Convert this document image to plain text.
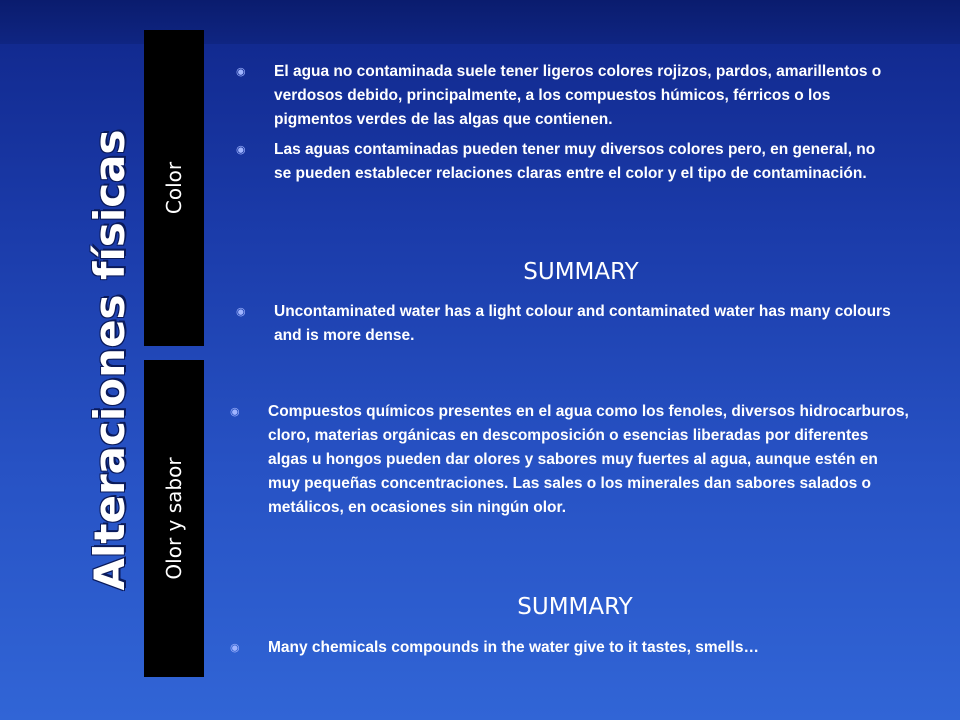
Alteraciones físicas	Color
Olor y sabor
◉ El agua no contaminada suele tener ligeros colores rojizos, pardos, amarillentos o verdosos debido, principalmente, a los compuestos húmicos, férricos o los pigmentos verdes de las algas que contienen.
◉ Las aguas contaminadas pueden tener muy diversos colores pero, en general, no se pueden establecer relaciones claras entre el color y el tipo de contaminación.
SUMMARY
◉ Uncontaminated water has a light colour and contaminated water has many colours and is more dense.
◉ Compuestos químicos presentes en el agua como los fenoles, diversos hidrocarburos, cloro, materias orgánicas en descomposición o esencias liberadas por diferentes algas u hongos pueden dar olores y sabores muy fuertes al agua, aunque estén en muy pequeñas concentraciones. Las sales o los minerales dan sabores salados o metálicos, en ocasiones sin ningún olor.
SUMMARY
◉ Many chemicals compounds in the water give to it tastes, smells…
